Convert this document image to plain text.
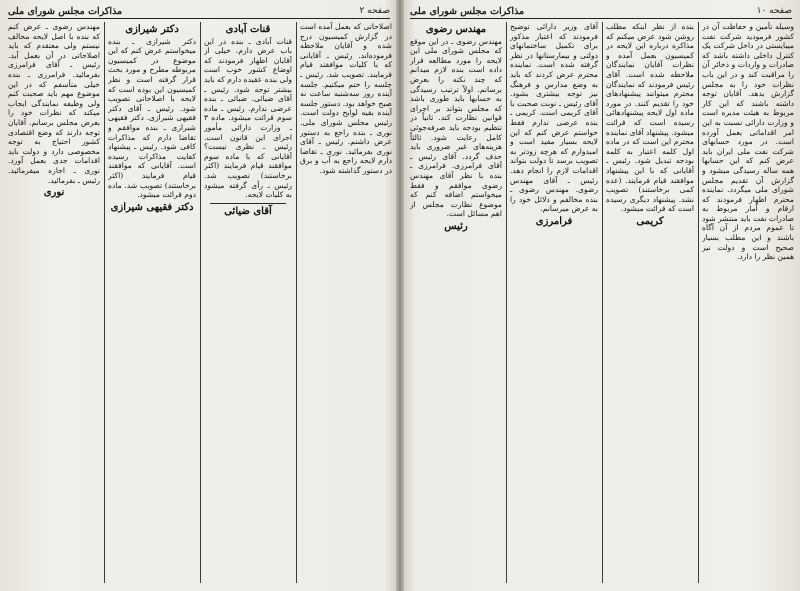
صفحه ۲
مذاکرات مجلس شورای ملی

اصلاحاتی که بعمل آمده است در گزارش کمیسیون درج شده و آقایان ملاحظه فرموده‌اند. رئیس ـ آقایانی که با کلیات موافقند قیام فرمایند. تصویب شد. رئیس ـ جلسه را ختم میکنیم. جلسه آینده روز سه‌شنبه ساعت نه صبح خواهد بود. دستور جلسه آینده بقیه لوایح دولت است. رئیس مجلس شورای ملی. نوری ـ بنده راجع به دستور عرض داشتم. رئیس ـ آقای نوری بفرمائید. نوری ـ تقاضا دارم لایحه راجع به آب و برق در دستور گذاشته شود.

قنات آبادی

قنات آبادی ـ بنده در این باب عرض دارم. خیلی از آقایان اظهار فرمودند که اوضاع کشور خوب است ولی بنده عقیده دارم که باید بیشتر توجه شود. رئیس ـ آقای ضیائی. ضیائی ـ بنده عرضی ندارم. رئیس ـ ماده سوم قرائت میشود. ماده ۳ ـ وزارت دارائی مأمور اجرای این قانون است. رئیس ـ نظری نیست؟ آقایانی که با ماده سوم موافقند قیام فرمایند (اکثر برخاستند) تصویب شد. رئیس ـ رأی گرفته میشود به کلیات لایحه.

آقای ضیائی
دکتر شیرازی

دکتر شیرازی ـ بنده میخواستم عرض کنم که این موضوع در کمیسیون مربوطه مطرح و مورد بحث قرار گرفته است و نظر کمیسیون این بوده است که لایحه با اصلاحاتی تصویب شود. رئیس ـ آقای دکتر فقیهی شیرازی. دکتر فقیهی شیرازی ـ بنده موافقم و تقاضا دارم که مذاکرات کافی شود. رئیس ـ پیشنهاد کفایت مذاکرات رسیده است. آقایانی که موافقند قیام فرمایند (اکثر برخاستند) تصویب شد. ماده دوم قرائت میشود.

دکتر فقیهی شیرازی

مهندس رضوی ـ عرض کنم که بنده با اصل لایحه مخالف نیستم ولی معتقدم که باید اصلاحاتی در آن بعمل آید. رئیس ـ آقای فرامرزی بفرمائید. فرامرزی ـ بنده خیلی متأسفم که در این موضوع مهم باید صحبت کنم ولی وظیفه نمایندگی ایجاب میکند که نظرات خود را بعرض مجلس برسانم. آقایان توجه دارند که وضع اقتصادی کشور احتیاج به توجه مخصوصی دارد و دولت باید اقدامات جدی بعمل آورد. نوری ـ اجازه میفرمائید. رئیس ـ بفرمائید.

نوری
صفحه ۱۰
مذاکرات مجلس شورای ملی

وسیله تأمین و حفاظت آن در کشور فرمودید شرکت نفت میبایستی در داخل شرکت یک کنترل داخلی داشته باشد که صادرات و واردات و ذخائر آن را مراقبت کند و در این باب نظرات خود را به مجلس گزارش بدهد. آقایان توجه داشته باشند که این کار مربوط به هیئت مدیره است و وزارت دارائی نسبت به این امر اقداماتی بعمل آورده است. در مورد حسابهای شرکت نفت ملی ایران باید عرض کنم که این حسابها همه ساله رسیدگی میشود و گزارش آن تقدیم مجلس شورای ملی میگردد. نماینده محترم اظهار فرمودند که ارقام و آمار مربوط به صادرات نفت باید منتشر شود تا عموم مردم از آن آگاه باشند و این مطلب بسیار صحیح است و دولت نیز همین نظر را دارد.

بنده از نظر اینکه مطلب روشن شود عرض میکنم که مذاکره درباره این لایحه در کمیسیون بعمل آمده و نظرات آقایان نمایندگان ملاحظه شده است. آقای رئیس فرمودند که نمایندگان محترم میتوانند پیشنهادهای خود را تقدیم کنند. در مورد ماده اول لایحه پیشنهادهائی رسیده است که قرائت میشود. پیشنهاد آقای نماینده محترم این است که در ماده اول کلمه اعتبار به کلمه بودجه تبدیل شود. رئیس ـ آقایانی که با این پیشنهاد موافقند قیام فرمایند. (عده کمی برخاستند) تصویب نشد. پیشنهاد دیگری رسیده است که قرائت میشود.

کریمی

آقای وزیر دارائی توضیح فرمودند که اعتبار مذکور برای تکمیل ساختمانهای دولتی و بیمارستانها در نظر گرفته شده است. نماینده محترم عرض کردند که باید به وضع مدارس و فرهنگ نیز توجه بیشتری بشود. آقای رئیس ـ نوبت صحبت با آقای کریمی است. کریمی ـ بنده عرضی ندارم فقط خواستم عرض کنم که این لایحه بسیار مفید است و امیدوارم که هرچه زودتر به تصویب برسد تا دولت بتواند اقدامات لازم را انجام دهد. رئیس ـ آقای مهندس رضوی. مهندس رضوی ـ بنده مخالفم و دلائل خود را به عرض میرسانم.

فرامرزی
مهندس رضوی

مهندس رضوی ـ در این موقع که مجلس شورای ملی این لایحه را مورد مطالعه قرار داده است بنده لازم میدانم که چند نکته را بعرض برسانم. اولاً ترتیب رسیدگی به حسابها باید طوری باشد که مجلس بتواند بر اجرای قوانین نظارت کند. ثانیاً در تنظیم بودجه باید صرفه‌جوئی کامل رعایت شود. ثالثاً هزینه‌های غیر ضروری باید حذف گردد. آقای رئیس ـ آقای فرامرزی. فرامرزی ـ بنده با نظر آقای مهندس رضوی موافقم و فقط میخواستم اضافه کنم که موضوع نظارت مجلس از اهم مسائل است.

رئیس
